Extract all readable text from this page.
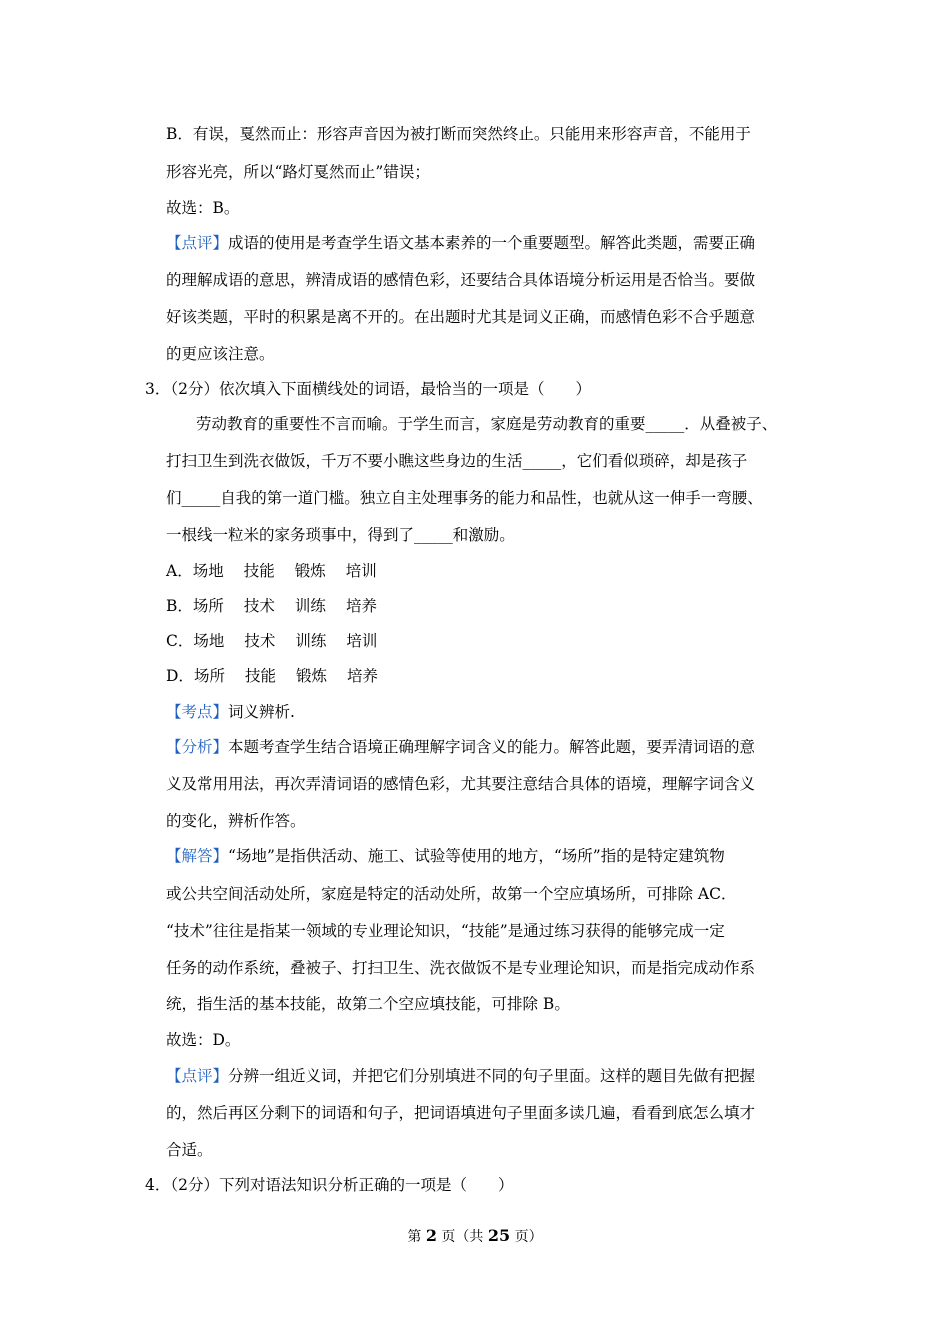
B．有误，戛然而止：形容声音因为被打断而突然终止。只能用来形容声音，不能用于
形容光亮，所以“路灯戛然而止”错误；
故选：B。
【点评】成语的使用是考查学生语文基本素养的一个重要题型。解答此类题，需要正确
的理解成语的意思，辨清成语的感情色彩，还要结合具体语境分析运用是否恰当。要做
好该类题，平时的积累是离不开的。在出题时尤其是词义正确，而感情色彩不合乎题意
的更应该注意。
3．（2分）依次填入下面横线处的词语，最恰当的一项是（　　）
劳动教育的重要性不言而喻。于学生而言，家庭是劳动教育的重要_____．从叠被子、
打扫卫生到洗衣做饭，千万不要小瞧这些身边的生活_____，它们看似琐碎，却是孩子
们_____自我的第一道门槛。独立自主处理事务的能力和品性，也就从这一伸手一弯腰、
一根线一粒米的家务琐事中，得到了_____和激励。
A．场地 技能 锻炼 培训
B．场所 技术 训练 培养
C．场地 技术 训练 培训
D．场所 技能 锻炼 培养
【考点】词义辨析.
【分析】本题考查学生结合语境正确理解字词含义的能力。解答此题，要弄清词语的意
义及常用用法，再次弄清词语的感情色彩，尤其要注意结合具体的语境，理解字词含义
的变化，辨析作答。
【解答】“场地”是指供活动、施工、试验等使用的地方，“场所”指的是特定建筑物
或公共空间活动处所，家庭是特定的活动处所，故第一个空应填场所，可排除 AC．
“技术”往往是指某一领域的专业理论知识，“技能”是通过练习获得的能够完成一定
任务的动作系统，叠被子、打扫卫生、洗衣做饭不是专业理论知识，而是指完成动作系
统，指生活的基本技能，故第二个空应填技能，可排除 B。
故选：D。
【点评】分辨一组近义词，并把它们分别填进不同的句子里面。这样的题目先做有把握
的，然后再区分剩下的词语和句子，把词语填进句子里面多读几遍，看看到底怎么填才
合适。
4．（2分）下列对语法知识分析正确的一项是（　　）
第 2 页（共 25 页）
